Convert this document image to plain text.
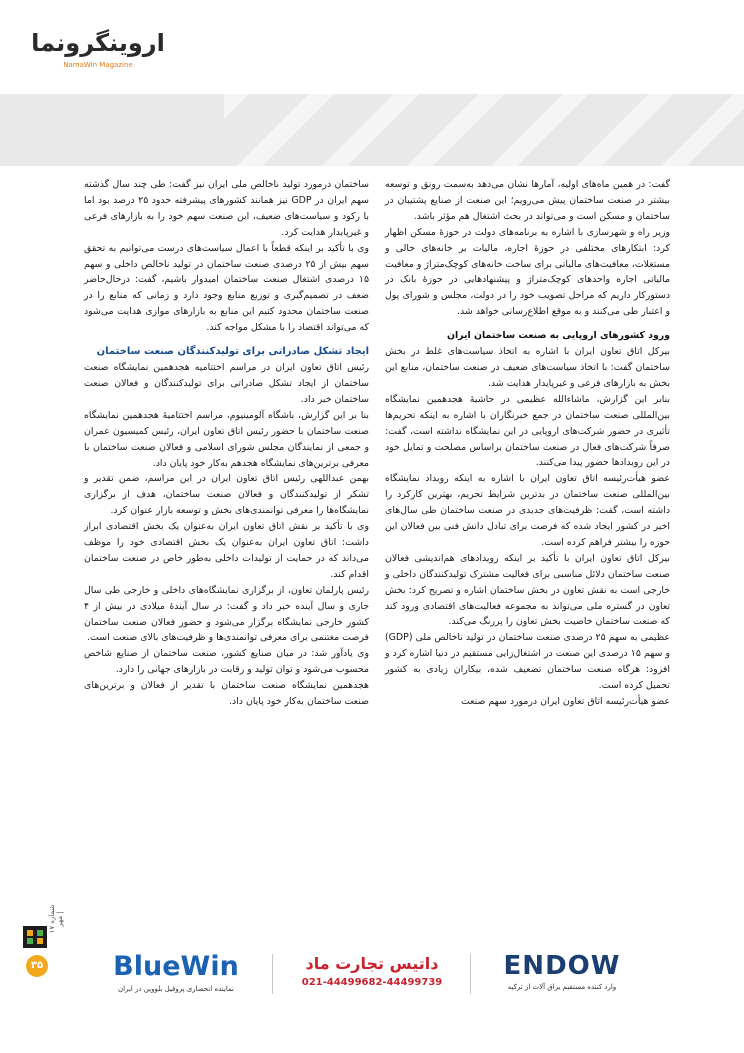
اروینگرو‌نما
NamaWin Magazine

گفت: در همین ماه‌های اولیه، آمارها نشان می‌دهد به‌سمت رونق و توسعه بیشتر در صنعت ساختمان پیش می‌رویم؛ این صنعت از صنایع پشتیبان در ساختمان و مسکن است و می‌تواند در بحث اشتغال هم مؤثر باشد.

وزیر راه و شهرسازی با اشاره به برنامه‌های دولت در حوزهٔ مسکن اظهار کرد: ابتکارهای مختلفی در حوزهٔ اجاره، مالیات بر خانه‌های خالی و مستغلات، معافیت‌های مالیاتی برای ساخت خانه‌های کوچک‌متراژ و معافیت مالیاتی اجاره واحدهای کوچک‌متراژ و پیشنهادهایی در حوزهٔ بانک در دستورکار داریم که مراحل تصویب خود را در دولت، مجلس و شورای پول و اعتبار طی می‌کنند و به موقع اطلاع‌رسانی خواهد شد.

ورود کشورهای اروپایی به صنعت ساختمان ایران

بیرکل اتاق تعاون ایران با اشاره به اتخاذ سیاست‌های غلط در بخش ساختمان گفت: با اتخاذ سیاست‌های ضعیف در صنعت ساختمان، منابع این بخش به بازارهای فرعی و غیرپایدار هدایت شد.

بنابر این گزارش، ماشاءالله عظیمی در حاشیهٔ هجدهمین نمایشگاه بین‌المللی صنعت ساختمان در جمع خبرنگاران با اشاره به اینکه تحریم‌ها تأثیری در حضور شرکت‌های اروپایی در این نمایشگاه نداشته است، گفت: صرفاً شرکت‌های فعال در صنعت ساختمان براساس مصلحت و تمایل خود در این رویدادها حضور پیدا می‌کنند.

عضو هیأت‌رئیسه اتاق تعاون ایران با اشاره به اینکه رویداد نمایشگاه بین‌المللی صنعت ساختمان در بدترین شرایط تحریم، بهترین کارکرد را داشته است، گفت: ظرفیت‌های جدیدی در صنعت ساختمان طی سال‌های اخیر در کشور ایجاد شده که فرصت برای تبادل دانش فنی بین فعالان این حوزه را بیشتر فراهم کرده است.

بیرکل اتاق تعاون ایران با تأکید بر اینکه رویدادهای هم‌اندیشی فعالان صنعت ساختمان دلائل مناسبی برای فعالیت مشترک تولیدکنندگان داخلی و خارجی است به نقش تعاون در بخش ساختمان اشاره و تصریح کرد: بخش تعاون در گستره ملی می‌تواند به مجموعه فعالیت‌های اقتصادی ورود کند که صنعت ساختمان خاصیت بخش تعاون را پررنگ می‌کند.

عظیمی به سهم ۲۵ درصدی صنعت ساختمان در تولید ناخالص ملی (GDP) و سهم ۱۵ درصدی این صنعت در اشتغال‌زایی مستقیم در دنیا اشاره کرد و افزود: هرگاه صنعت ساختمان تضعیف شده، بیکاران زیادی به کشور تحمیل کرده است.

عضو هیأت‌رئیسه اتاق تعاون ایران درمورد سهم صنعت

ساختمان درمورد تولید ناخالص ملی ایران نیز گفت: طی چند سال گذشته سهم ایران در GDP نیز همانند کشورهای پیشرفته حدود ۲۵ درصد بود اما با رکود و سیاست‌های ضعیف، این صنعت سهم خود را به بازارهای فرعی و غیرپایدار هدایت کرد.

وی با تأکید بر اینکه قطعاً با اعمال سیاست‌های درست می‌توانیم به تحقق سهم بیش از ۲۵ درصدی صنعت ساختمان در تولید ناخالص داخلی و سهم ۱۵ درصدی اشتغال صنعت ساختمان امیدوار باشیم، گفت: درحال‌حاضر ضعف در تصمیم‌گیری و توزیع منابع وجود دارد و زمانی که منابع را در صنعت ساختمان محدود کنیم این منابع به بازارهای موازی هدایت می‌شود که می‌تواند اقتصاد را با مشکل مواجه کند.

ایجاد تشکل صادراتی برای تولیدکنندگان صنعت ساختمان

رئیس اتاق تعاون ایران در مراسم اختتامیه هجدهمین نمایشگاه صنعت ساختمان از ایجاد تشکل صادراتی برای تولیدکنندگان و فعالان صنعت ساختمان خبر داد.

بنا بر این گزارش، باشگاه آلومینیوم، مراسم اختتامیهٔ هجدهمین نمایشگاه صنعت ساختمان با حضور رئیس اتاق تعاون ایران، رئیس کمیسیون عمران و جمعی از نمایندگان مجلس شورای اسلامی و فعالان صنعت ساختمان با معرفی برترین‌های نمایشگاه هجدهم به‌کار خود پایان داد.

بهمن عبداللهی رئیس اتاق تعاون ایران در این مراسم، ضمن تقدیر و تشکر از تولیدکنندگان و فعالان صنعت ساختمان، هدف از برگزاری نمایشگاه‌ها را معرفی توانمندی‌های بخش و توسعه بازار عنوان کرد.

وی با تأکید بر نقش اتاق تعاون ایران به‌عنوان یک بخش اقتصادی ابراز داشت: اتاق تعاون ایران به‌عنوان یک بخش اقتصادی خود را موظف می‌داند که در حمایت از تولیدات داخلی به‌طور خاص در صنعت ساختمان اقدام کند.

رئیس پارلمان تعاون، از برگزاری نمایشگاه‌های داخلی و خارجی طی سال جاری و سال آینده خبر داد و گفت: در سال آیندهٔ میلادی در بیش از ۴ کشور خارجی نمایشگاه برگزار می‌شود و حضور فعالان صنعت ساختمان فرصت مغتنمی برای معرفی توانمندی‌ها و ظرفیت‌های بالای صنعت است.

وی یادآور شد: در میان صنایع کشور، صنعت ساختمان از صنایع شاخص محسوب می‌شود و توان تولید و رقابت در بازارهای جهانی را دارد.

هجدهمین نمایشگاه صنعت ساختمان با تقدیر از فعالان و برترین‌های صنعت ساختمان به‌کار خود پایان داد.

شماره ۱۷ | مهر
۳۵	BlueWin
نماینده انحصاری پروفیل بلووین در ایران
داتیس تجارت ماد
021-44499682-44499739
ENDOW
وارد کننده مستقیم یراق آلات از ترکیه
